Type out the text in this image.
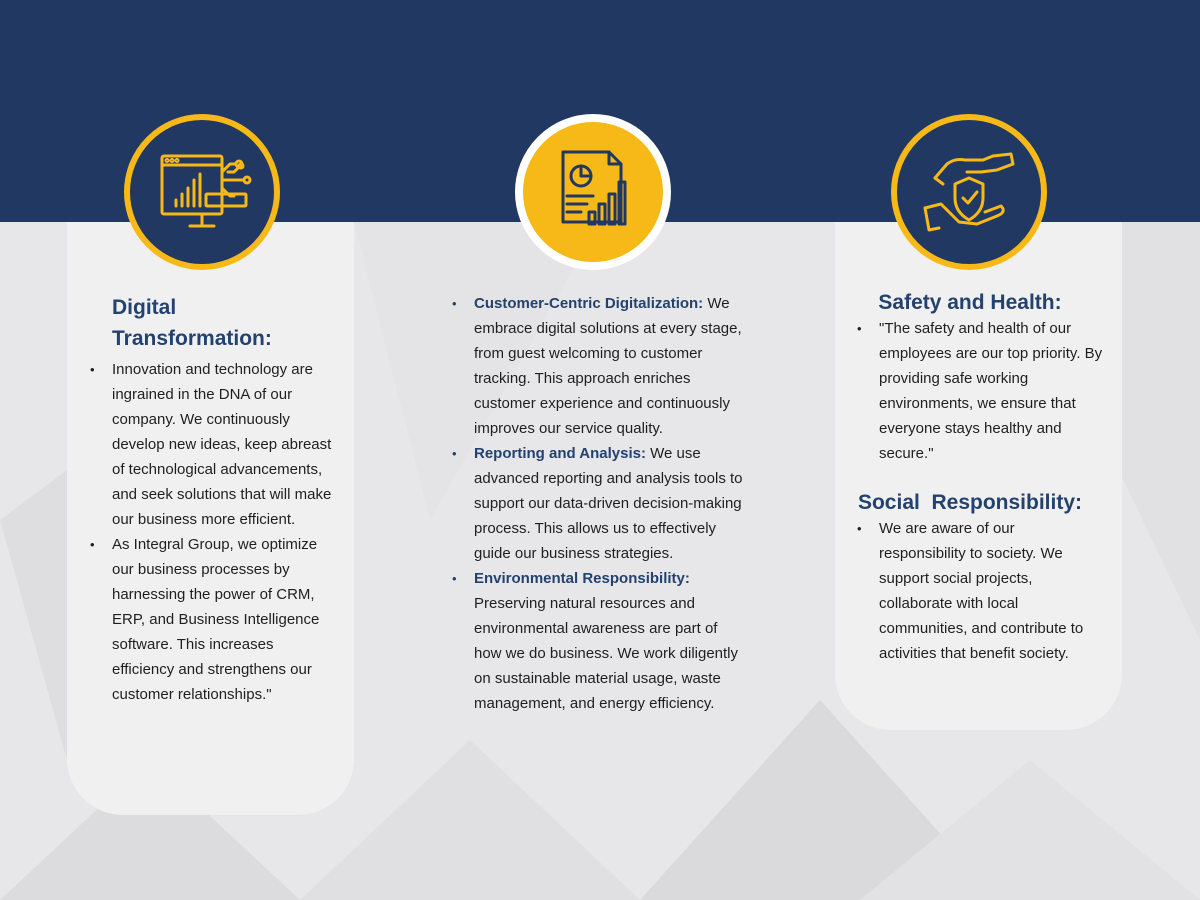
Digital Transformation:
• Innovation and technology are ingrained in the DNA of our company. We continuously develop new ideas, keep abreast of technological advancements, and seek solutions that will make our business more efficient.
• As Integral Group, we optimize our business processes by harnessing the power of CRM, ERP, and Business Intelligence software. This increases efficiency and strengthens our customer relationships."
• Customer-Centric Digitalization: We embrace digital solutions at every stage, from guest welcoming to customer tracking. This approach enriches customer experience and continuously improves our service quality.
• Reporting and Analysis: We use advanced reporting and analysis tools to support our data-driven decision-making process. This allows us to effectively guide our business strategies.
• Environmental Responsibility: Preserving natural resources and environmental awareness are part of how we do business. We work diligently on sustainable material usage, waste management, and energy efficiency.
Safety and Health:
• "The safety and health of our employees are our top priority. By providing safe working environments, we ensure that everyone stays healthy and secure."
Social  Responsibility:
• We are aware of our responsibility to society. We support social projects, collaborate with local communities, and contribute to activities that benefit society.
